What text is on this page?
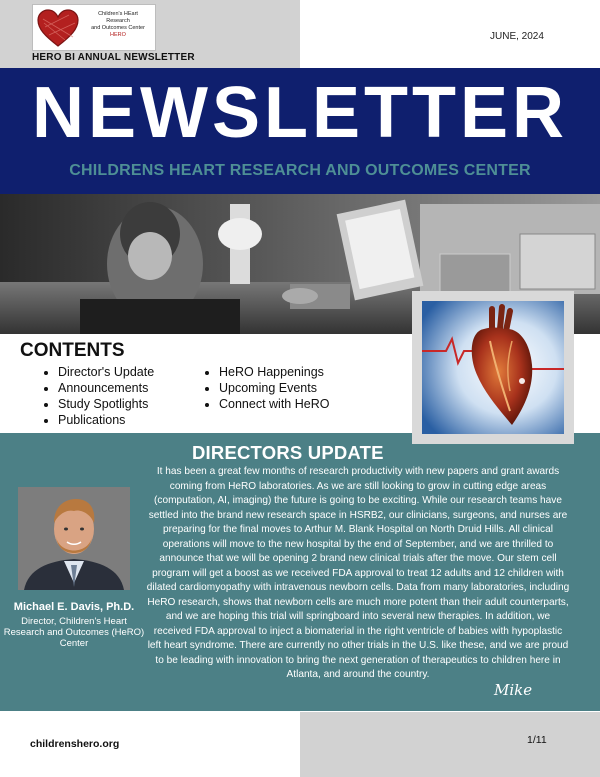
Children's HEart
Research
and Outcomes Center
HERO
HERO BI ANNUAL NEWSLETTER
JUNE, 2024
NEWSLETTER
CHILDRENS HEART RESEARCH AND OUTCOMES CENTER
CONTENTS
• Director's Update
• Announcements
• Study Spotlights
• Publications
• HeRO Happenings
• Upcoming Events
• Connect with HeRO
DIRECTORS UPDATE

It has been a great few months of research productivity with new papers and grant awards coming from HeRO laboratories. As we are still looking to grow in cutting edge areas (computation, AI, imaging) the future is going to be exciting. While our research teams have settled into the brand new research space in HSRB2, our clinicians, surgeons, and nurses are preparing for the final moves to Arthur M. Blank Hospital on North Druid Hills. All clinical operations will move to the new hospital by the end of September, and we are thrilled to announce that we will be opening 2 brand new clinical trials after the move. Our stem cell program will get a boost as we received FDA approval to treat 12 adults and 12 children with dilated cardiomyopathy with intravenous newborn cells. Data from many laboratories, including HeRO research, shows that newborn cells are much more potent than their adult counterparts, and we are hoping this trial will springboard into several new therapies. In addition, we received FDA approval to inject a biomaterial in the right ventricle of babies with hypoplastic left heart syndrome. There are currently no other trials in the U.S. like these, and we are proud to be leading with innovation to bring the next generation of therapeutics to children here in Atlanta, and around the country.

Michael E. Davis, Ph.D.
Director, Children's Heart Research and Outcomes (HeRO) Center
Mike
childrenshero.org	1/11
